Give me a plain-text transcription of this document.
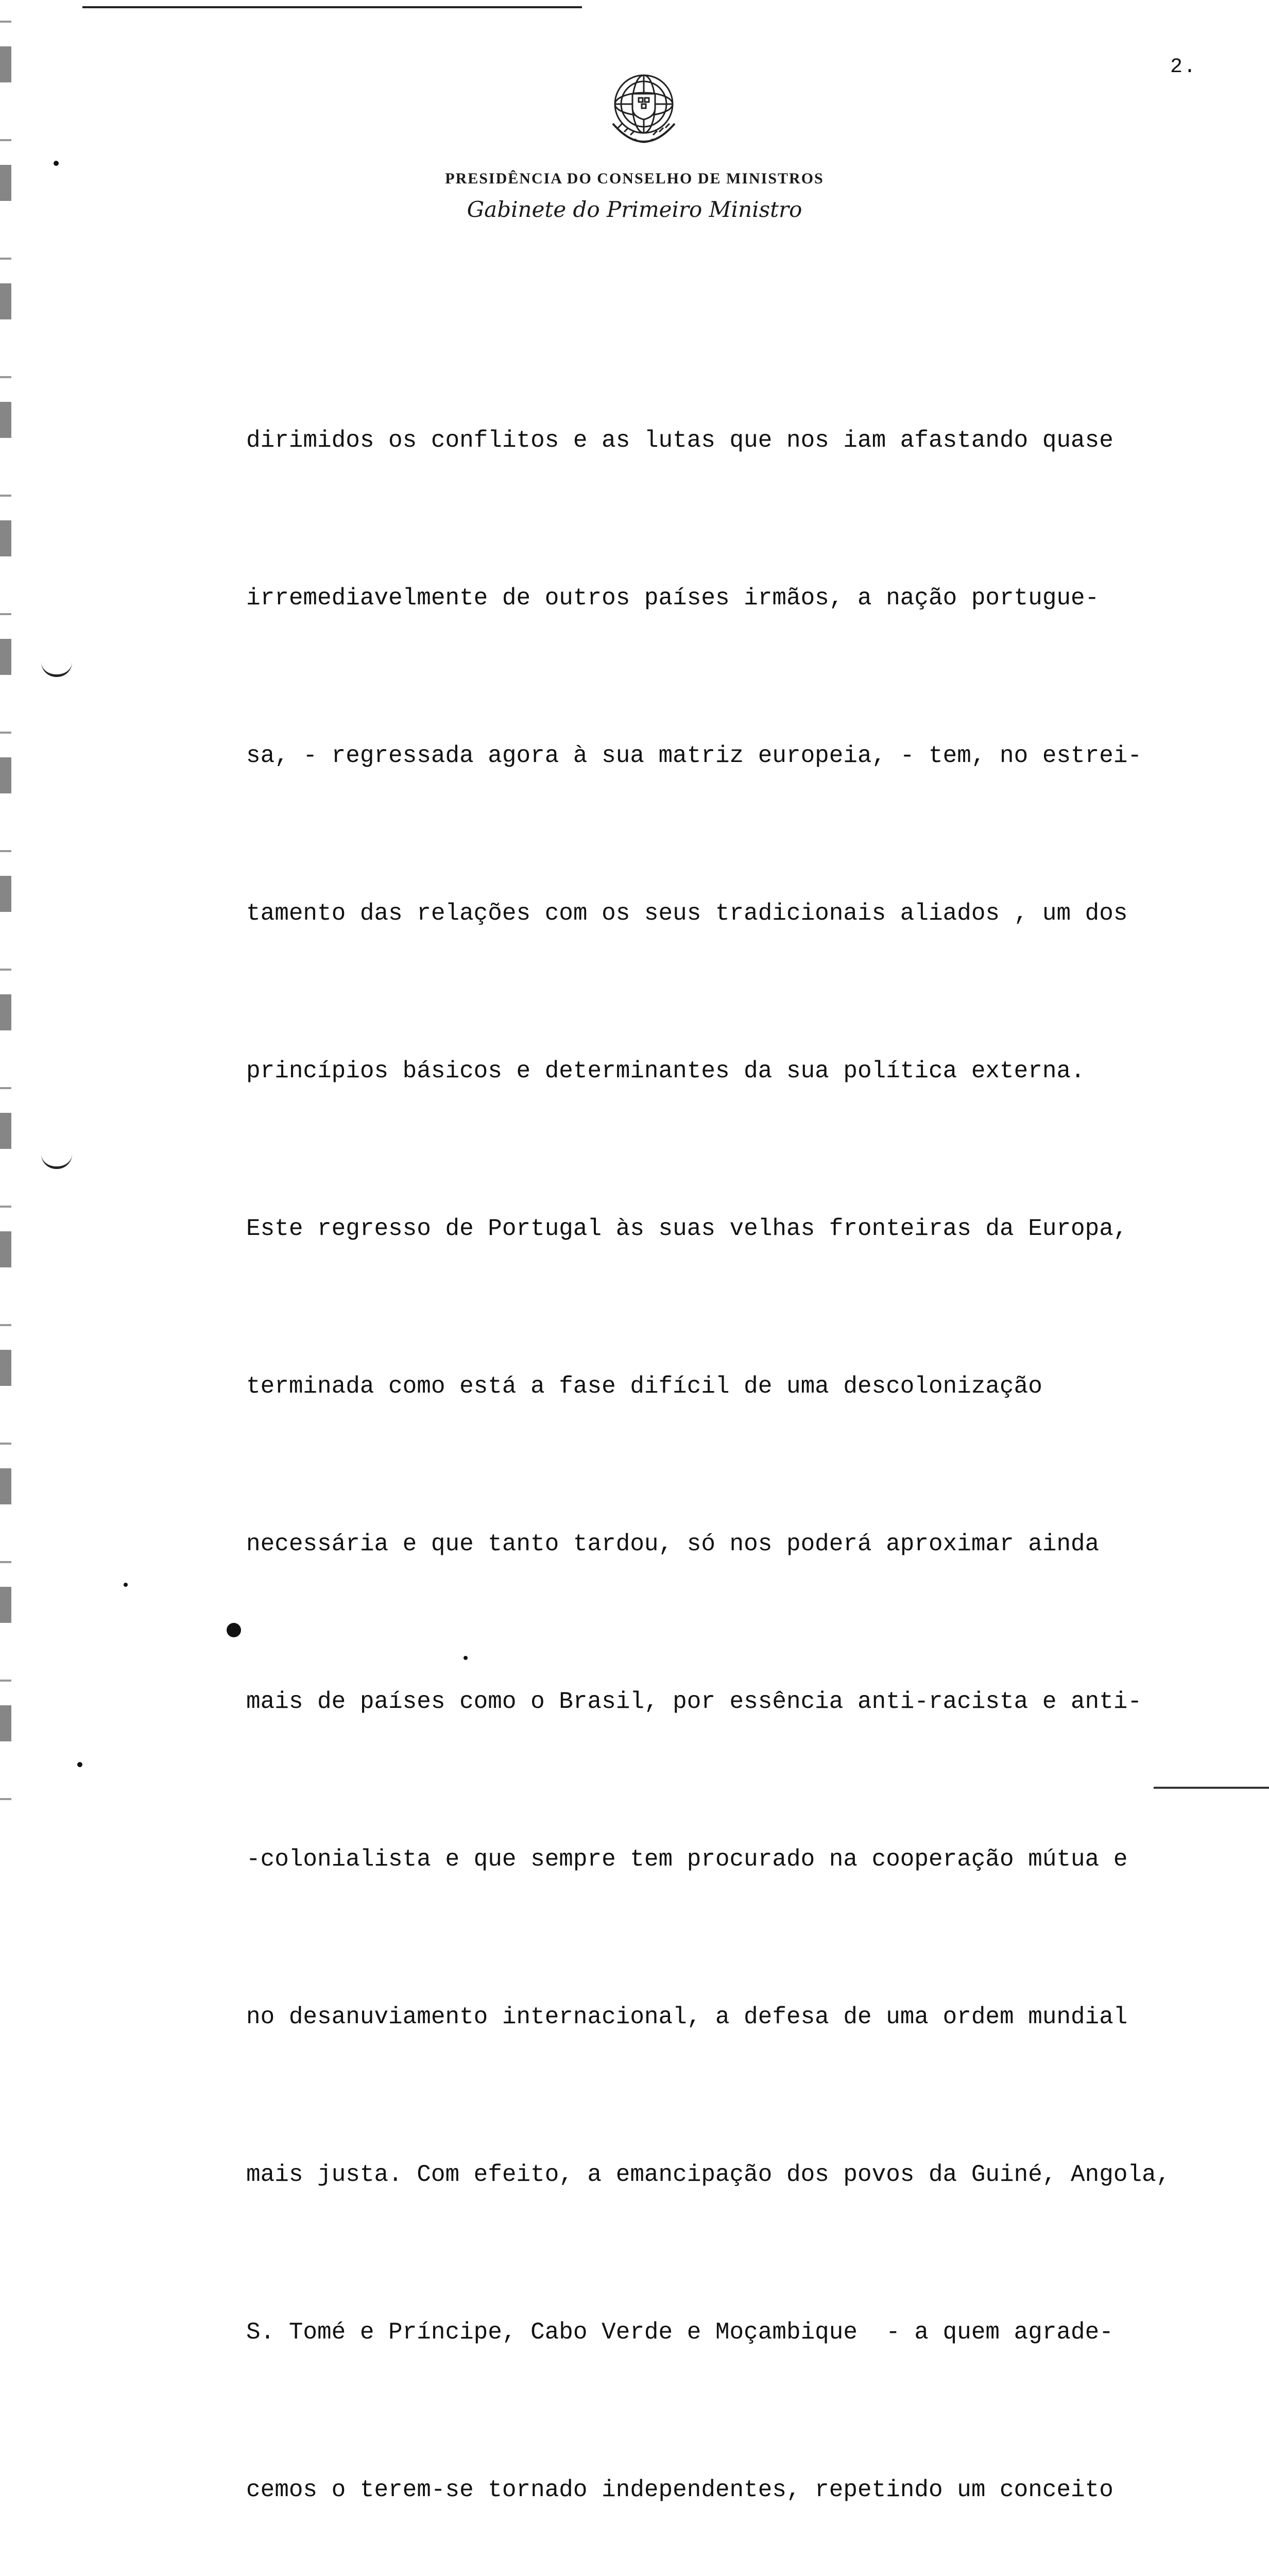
2.
PRESIDÊNCIA DO CONSELHO DE MINISTROS
Gabinete do Primeiro Ministro

dirimidos os conflitos e as lutas que nos iam afastando quase

irremediavelmente de outros países irmãos, a nação portugue-

sa, - regressada agora à sua matriz europeia, - tem, no estrei-

tamento das relações com os seus tradicionais aliados , um dos

princípios básicos e determinantes da sua política externa.

Este regresso de Portugal às suas velhas fronteiras da Europa,

terminada como está a fase difícil de uma descolonização

necessária e que tanto tardou, só nos poderá aproximar ainda

mais de países como o Brasil, por essência anti-racista e anti-

-colonialista e que sempre tem procurado na cooperação mútua e

no desanuviamento internacional, a defesa de uma ordem mundial

mais justa. Com efeito, a emancipação dos povos da Guiné, Angola,

S. Tomé e Príncipe, Cabo Verde e Moçambique  - a quem agrade-

cemos o terem-se tornado independentes, repetindo um conceito
